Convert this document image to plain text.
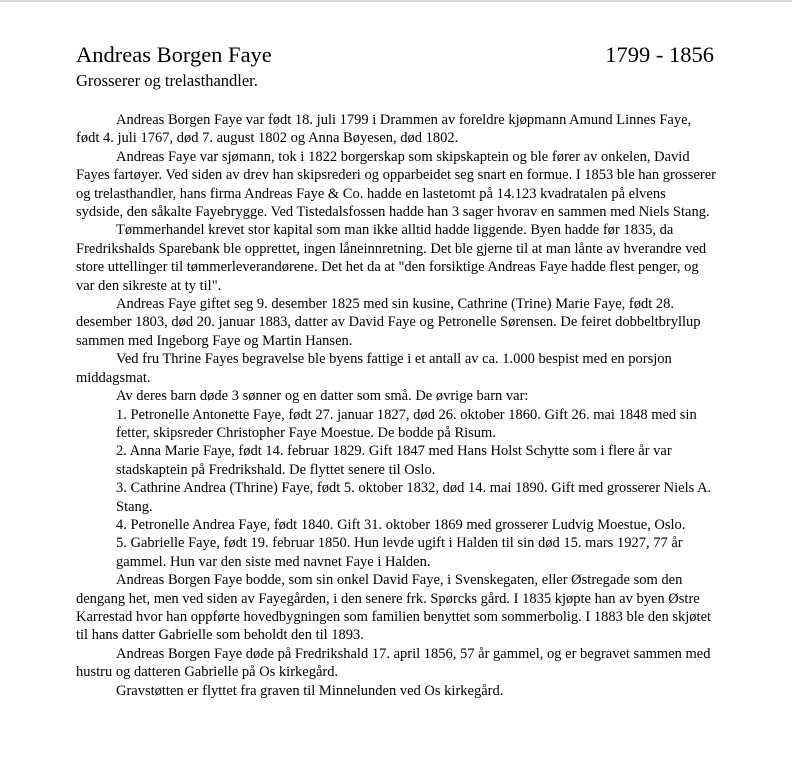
Andreas Borgen Faye	1799 - 1856
Grosserer og trelasthandler.

Andreas Borgen Faye var født 18. juli 1799 i Drammen av foreldre kjøpmann Amund Linnes Faye, født 4. juli 1767, død 7. august 1802 og Anna Bøyesen, død 1802.

Andreas Faye var sjømann, tok i 1822 borgerskap som skipskaptein og ble fører av onkelen, David Fayes fartøyer. Ved siden av drev han skipsrederi og opparbeidet seg snart en formue. I 1853 ble han grosserer og trelasthandler, hans firma Andreas Faye & Co. hadde en lastetomt på 14.123 kvadratalen på elvens sydside, den såkalte Fayebrygge. Ved Tistedalsfossen hadde han 3 sager hvorav en sammen med Niels Stang.

Tømmerhandel krevet stor kapital som man ikke alltid hadde liggende. Byen hadde før 1835, da Fredrikshalds Sparebank ble opprettet, ingen låneinnretning. Det ble gjerne til at man lånte av hverandre ved store uttellinger til tømmerleverandørene. Det het da at "den forsiktige Andreas Faye hadde flest penger, og var den sikreste at ty til".

Andreas Faye giftet seg 9. desember 1825 med sin kusine, Cathrine (Trine) Marie Faye, født 28. desember 1803, død 20. januar 1883, datter av David Faye og Petronelle Sørensen. De feiret dobbeltbryllup sammen med Ingeborg Faye og Martin Hansen.

Ved fru Thrine Fayes begravelse ble byens fattige i et antall av ca. 1.000 bespist med en porsjon middagsmat.

Av deres barn døde 3 sønner og en datter som små. De øvrige barn var:

1. Petronelle Antonette Faye, født 27. januar 1827, død 26. oktober 1860. Gift 26. mai 1848 med sin fetter, skipsreder Christopher Faye Moestue. De bodde på Risum.

2. Anna Marie Faye, født 14. februar 1829. Gift 1847 med Hans Holst Schytte som i flere år var stadskaptein på Fredrikshald. De flyttet senere til Oslo.

3. Cathrine Andrea (Thrine) Faye, født 5. oktober 1832, død 14. mai 1890. Gift med grosserer Niels A. Stang.

4. Petronelle Andrea Faye, født 1840. Gift 31. oktober 1869 med grosserer Ludvig Moestue, Oslo.

5. Gabrielle Faye, født 19. februar 1850. Hun levde ugift i Halden til sin død 15. mars 1927, 77 år gammel. Hun var den siste med navnet Faye i Halden.

Andreas Borgen Faye bodde, som sin onkel David Faye, i Svenskegaten, eller Østregade som den dengang het, men ved siden av Fayegården, i den senere frk. Spørcks gård. I 1835 kjøpte han av byen Østre Karrestad hvor han oppførte hovedbygningen som familien benyttet som sommerbolig. I 1883 ble den skjøtet til hans datter Gabrielle som beholdt den til 1893.

Andreas Borgen Faye døde på Fredrikshald 17. april 1856, 57 år gammel, og er begravet sammen med hustru og datteren Gabrielle på Os kirkegård.

Gravstøtten er flyttet fra graven til Minnelunden ved Os kirkegård.
